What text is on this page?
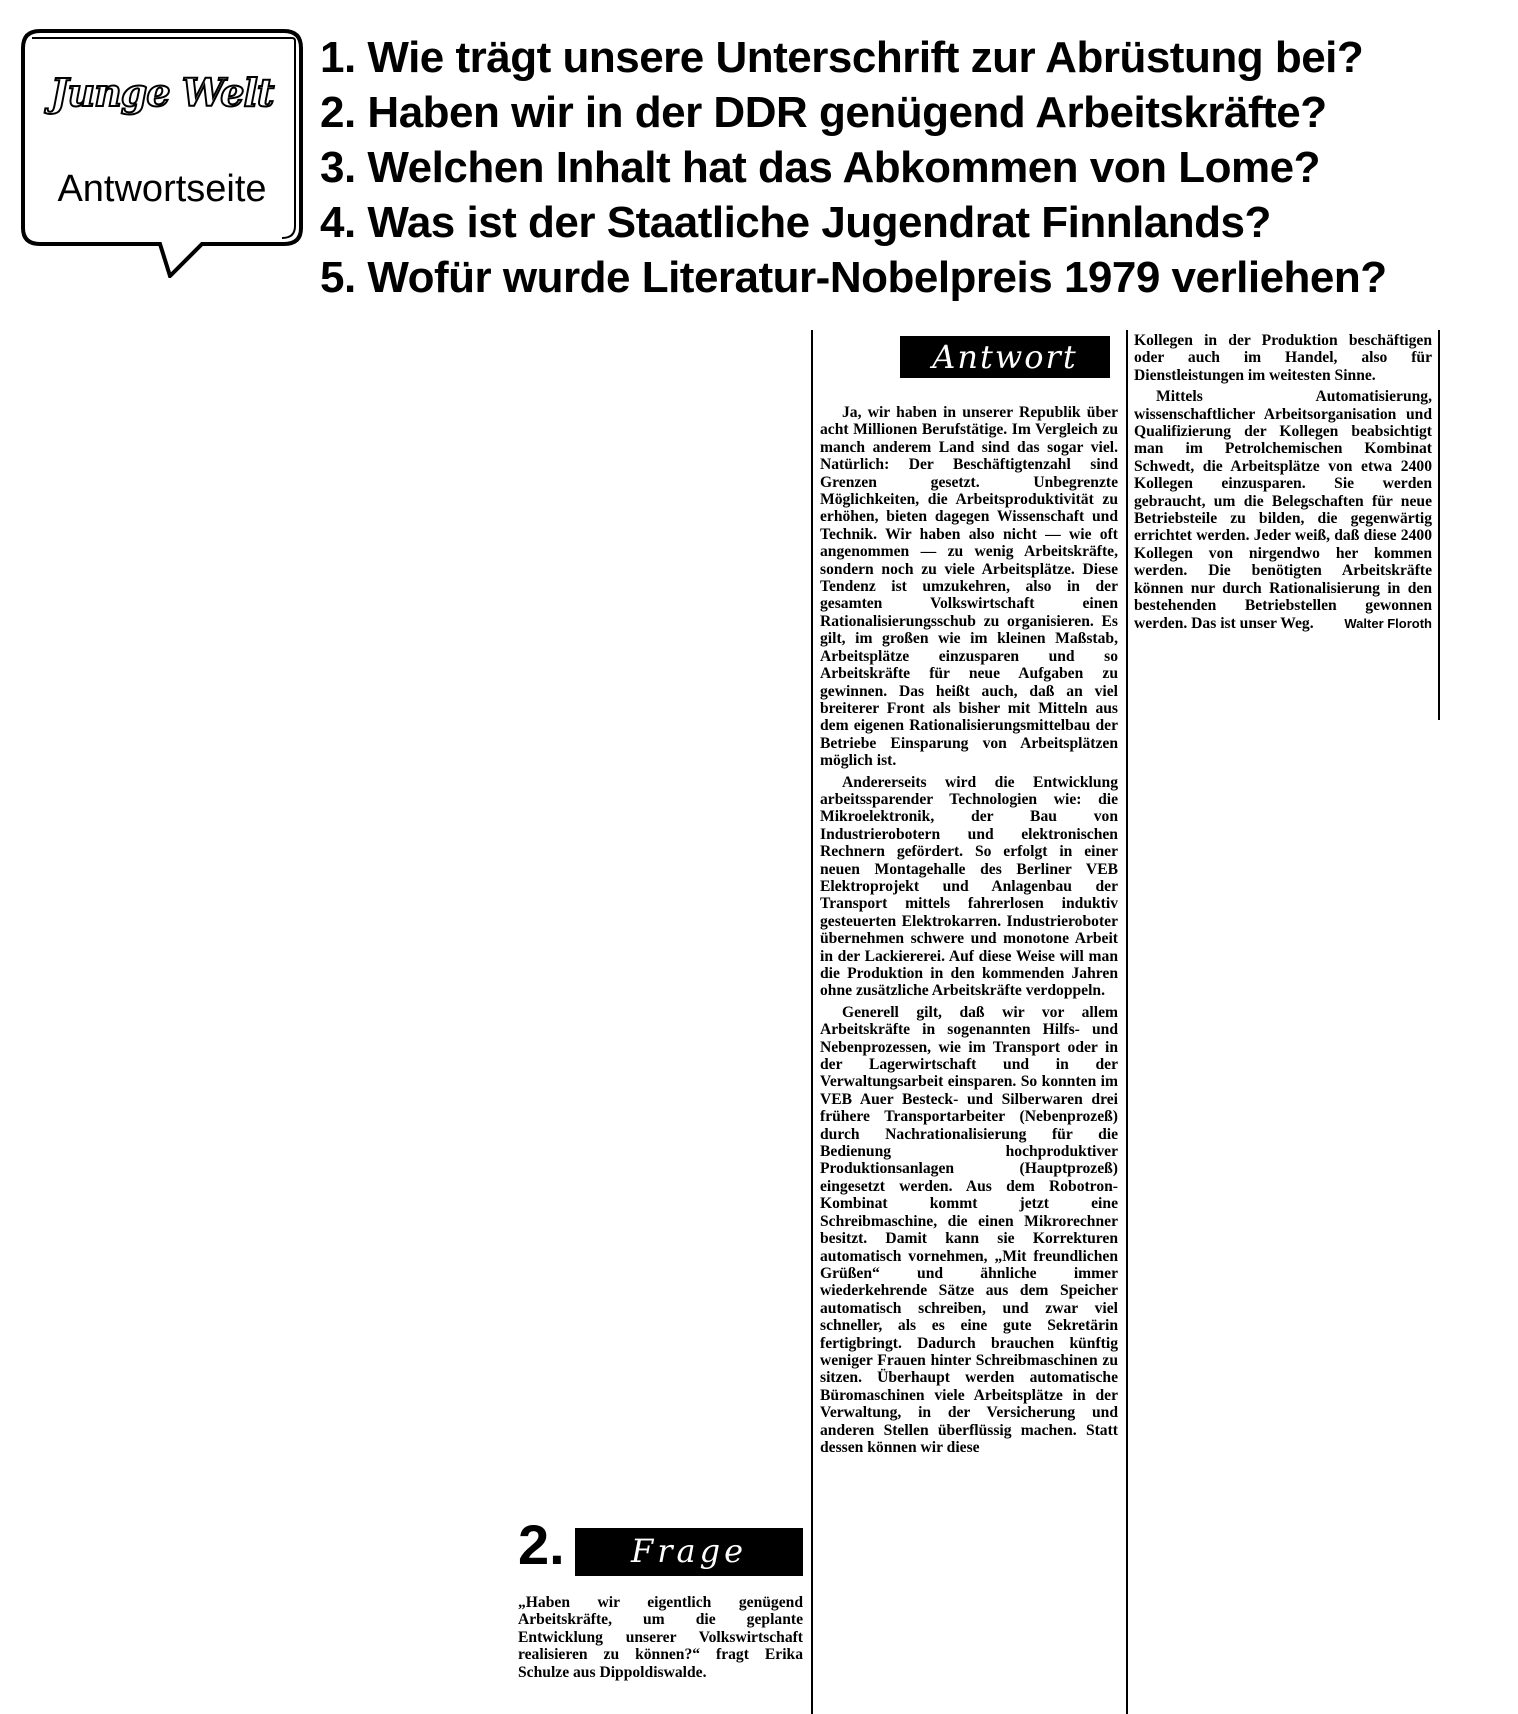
Junge Welt
Antwortseite
1. Wie trägt unsere Unterschrift zur Abrüstung bei?
2. Haben wir in der DDR genügend Arbeitskräfte?
3. Welchen Inhalt hat das Abkommen von Lome?
4. Was ist der Staatliche Jugendrat Finnlands?
5. Wofür wurde Literatur-Nobelpreis 1979 verliehen?
Antwort

Ja, wir haben in unserer Republik über acht Millionen Berufstätige. Im Vergleich zu manch anderem Land sind das sogar viel. Natürlich: Der Beschäftigtenzahl sind Grenzen gesetzt. Unbegrenzte Möglichkeiten, die Arbeitsproduktivität zu erhöhen, bieten dagegen Wissenschaft und Technik. Wir haben also nicht — wie oft angenommen — zu wenig Arbeitskräfte, sondern noch zu viele Arbeitsplätze. Diese Tendenz ist umzukehren, also in der gesamten Volkswirtschaft einen Rationalisierungsschub zu organisieren. Es gilt, im großen wie im kleinen Maßstab, Arbeitsplätze einzusparen und so Arbeitskräfte für neue Aufgaben zu gewinnen. Das heißt auch, daß an viel breiterer Front als bisher mit Mitteln aus dem eigenen Rationalisierungsmittelbau der Betriebe Einsparung von Arbeitsplätzen möglich ist.

Andererseits wird die Entwicklung arbeitssparender Technologien wie: die Mikroelektronik, der Bau von Industrierobotern und elektronischen Rechnern gefördert. So erfolgt in einer neuen Montagehalle des Berliner VEB Elektroprojekt und Anlagenbau der Transport mittels fahrerlosen induktiv gesteuerten Elektrokarren. Industrieroboter übernehmen schwere und monotone Arbeit in der Lackiererei. Auf diese Weise will man die Produktion in den kommenden Jahren ohne zusätzliche Arbeitskräfte verdoppeln.

Generell gilt, daß wir vor allem Arbeitskräfte in sogenannten Hilfs- und Nebenprozessen, wie im Transport oder in der Lagerwirtschaft und in der Verwaltungsarbeit einsparen. So konnten im VEB Auer Besteck- und Silberwaren drei frühere Transportarbeiter (Nebenprozeß) durch Nachrationalisierung für die Bedienung hochproduktiver Produktionsanlagen (Hauptprozeß) eingesetzt werden. Aus dem Robotron-Kombinat kommt jetzt eine Schreibmaschine, die einen Mikrorechner besitzt. Damit kann sie Korrekturen automatisch vornehmen, „Mit freundlichen Grüßen“ und ähnliche immer wiederkehrende Sätze aus dem Speicher automatisch schreiben, und zwar viel schneller, als es eine gute Sekretärin fertigbringt. Dadurch brauchen künftig weniger Frauen hinter Schreibmaschinen zu sitzen. Überhaupt werden automatische Büromaschinen viele Arbeitsplätze in der Verwaltung, in der Versicherung und anderen Stellen überflüssig machen. Statt dessen können wir diese

Kollegen in der Produktion beschäftigen oder auch im Handel, also für Dienstleistungen im weitesten Sinne.

Mittels Automatisierung, wissenschaftlicher Arbeitsorganisation und Qualifizierung der Kollegen beabsichtigt man im Petrolchemischen Kombinat Schwedt, die Arbeitsplätze von etwa 2400 Kollegen einzusparen. Sie werden gebraucht, um die Belegschaften für neue Betriebsteile zu bilden, die gegenwärtig errichtet werden. Jeder weiß, daß diese 2400 Kollegen von nirgendwo her kommen werden. Die benötigten Arbeitskräfte können nur durch Rationalisierung in den bestehenden Betriebstellen gewonnen werden. Das ist unser Weg.	Walter Floroth

2.	Frage

„Haben wir eigentlich genügend Arbeitskräfte, um die geplante Entwicklung unserer Volkswirtschaft realisieren zu können?“ fragt Erika Schulze aus Dippoldiswalde.
